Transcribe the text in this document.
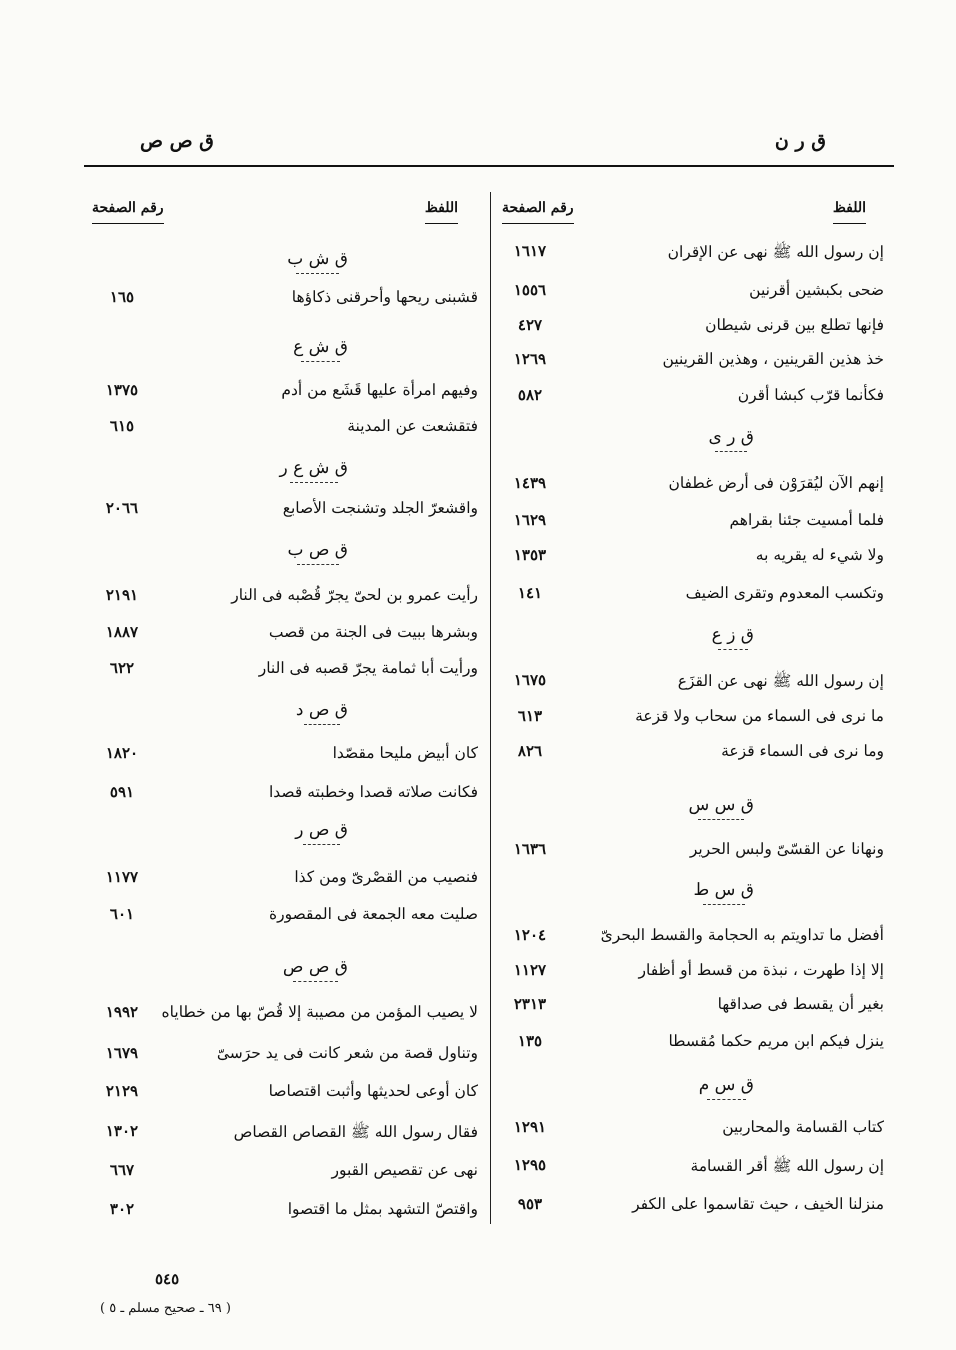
ق ر ن
ق ص ص
اللفظ
رقم الصفحة
اللفظ
رقم الصفحة
إن رسول الله ﷺ نهى عن الإقران
١٦١٧
ضحى بكبشين أقرنين
١٥٥٦
فإنها تطلع بين قرنى شيطان
٤٢٧
خذ هذين القرينين ، وهذين القرينين
١٢٦٩
فكأنما قرّب كبشا أقرن
٥٨٢
ق ر ى
إنهم الآن ليُقرَوْن فى أرض غطفان
١٤٣٩
فلما أمسيت جئنا بقراهم
١٦٢٩
ولا شيء له يقريه به
١٣٥٣
وتكسب المعدوم وتقرى الضيف
١٤١
ق ز ع
إن رسول الله ﷺ نهى عن القزَع
١٦٧٥
ما نرى فى السماء من سحاب ولا قزعة
٦١٣
وما نرى فى السماء قزعة
٨٢٦
ق س س
ونهانا عن القسّىّ ولبس الحرير
١٦٣٦
ق س ط
أفضل ما تداويتم به الحجامة والقسط البحرىّ
١٢٠٤
إلا إذا طهرت ، نبذة من قسط أو أظفار
١١٢٧
بغير أن يقسط فى صداقها
٢٣١٣
ينزل فيكم ابن مريم حكما مُقسطا
١٣٥
ق س م
كتاب القسامة والمحاربين
١٢٩١
إن رسول الله ﷺ أقر القسامة
١٢٩٥
منزلنا الخيف ، حيث تقاسموا على الكفر
٩٥٣
ق ش ب
قشبنى ريحها وأحرقنى ذكاؤها
١٦٥
ق ش ع
وفيهم امرأة عليها قَشَع من أدم
١٣٧٥
فتقشعت عن المدينة
٦١٥
ق ش ع ر
واقشعرّ الجلد وتشنجت الأصابع
٢٠٦٦
ق ص ب
رأيت عمرو بن لحىّ يجرّ قُصْبه فى النار
٢١٩١
وبشرها ببيت فى الجنة من قصب
١٨٨٧
ورأيت أبا ثمامة يجرّ قصبه فى النار
٦٢٢
ق ص د
كان أبيض مليحا مقصّدا
١٨٢٠
فكانت صلاته قصدا وخطبته قصدا
٥٩١
ق ص ر
فنصيب من القصْرىّ ومن كذا
١١٧٧
صليت معه الجمعة فى المقصورة
٦٠١
ق ص ص
لا يصيب المؤمن من مصيبة إلا قُصّ بها من خطاياه
١٩٩٢
وتناول قصة من شعر كانت فى يد حرَسىّ
١٦٧٩
كان أوعى لحديثها وأثبت اقتصاصا
٢١٢٩
فقال رسول الله ﷺ القصاص القصاص
١٣٠٢
نهى عن تقصيص القبور
٦٦٧
واقتصّ التشهد بمثل ما اقتصوا
٣٠٢
٥٤٥
( ٦٩ ـ صحيح مسلم ـ ٥ )
